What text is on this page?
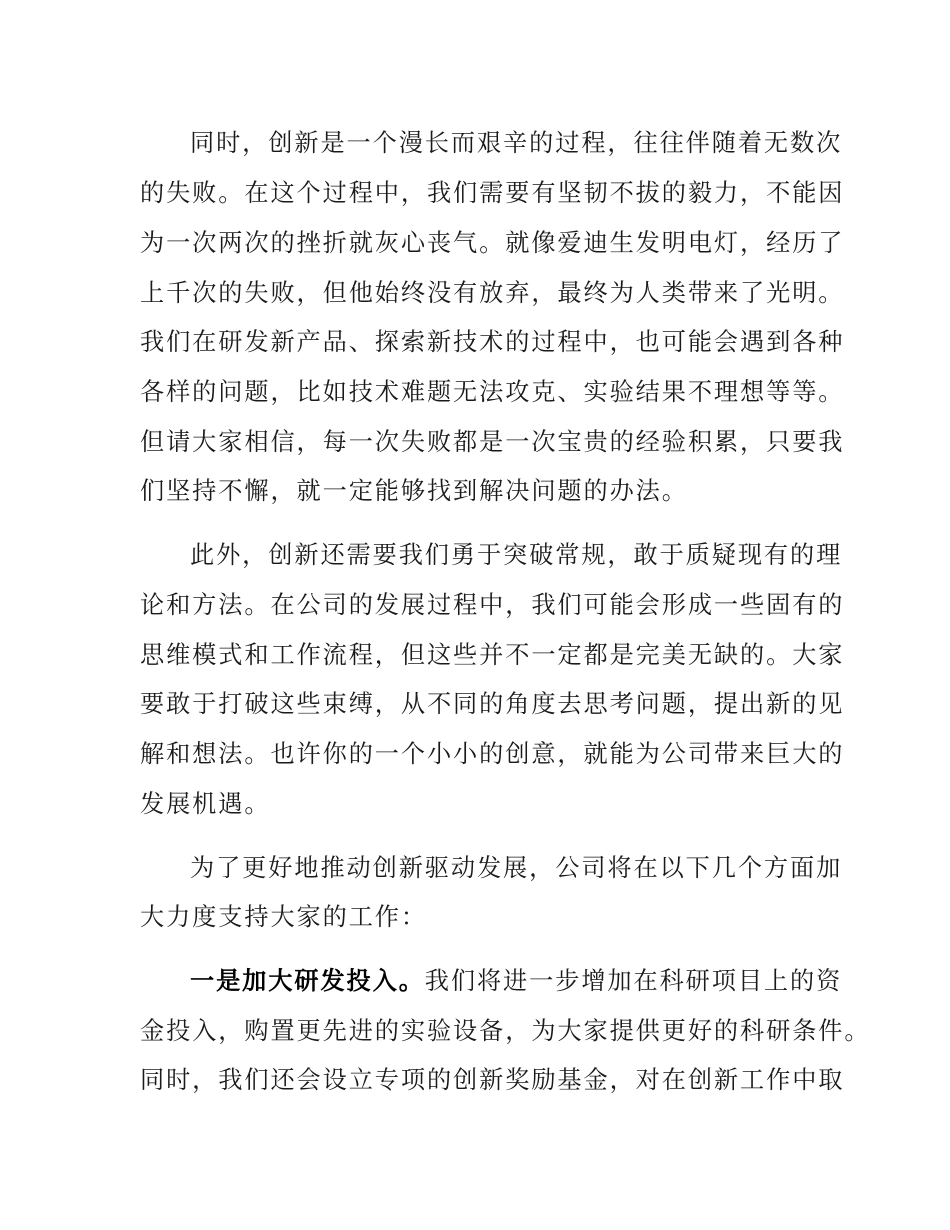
同时，创新是一个漫长而艰辛的过程，往往伴随着无数次
的失败。在这个过程中，我们需要有坚韧不拔的毅力，不能因
为一次两次的挫折就灰心丧气。就像爱迪生发明电灯，经历了
上千次的失败，但他始终没有放弃，最终为人类带来了光明。
我们在研发新产品、探索新技术的过程中，也可能会遇到各种
各样的问题，比如技术难题无法攻克、实验结果不理想等等。
但请大家相信，每一次失败都是一次宝贵的经验积累，只要我
们坚持不懈，就一定能够找到解决问题的办法。
此外，创新还需要我们勇于突破常规，敢于质疑现有的理
论和方法。在公司的发展过程中，我们可能会形成一些固有的
思维模式和工作流程，但这些并不一定都是完美无缺的。大家
要敢于打破这些束缚，从不同的角度去思考问题，提出新的见
解和想法。也许你的一个小小的创意，就能为公司带来巨大的
发展机遇。
为了更好地推动创新驱动发展，公司将在以下几个方面加
大力度支持大家的工作：
一是加大研发投入。我们将进一步增加在科研项目上的资
金投入，购置更先进的实验设备，为大家提供更好的科研条件。
同时，我们还会设立专项的创新奖励基金，对在创新工作中取
